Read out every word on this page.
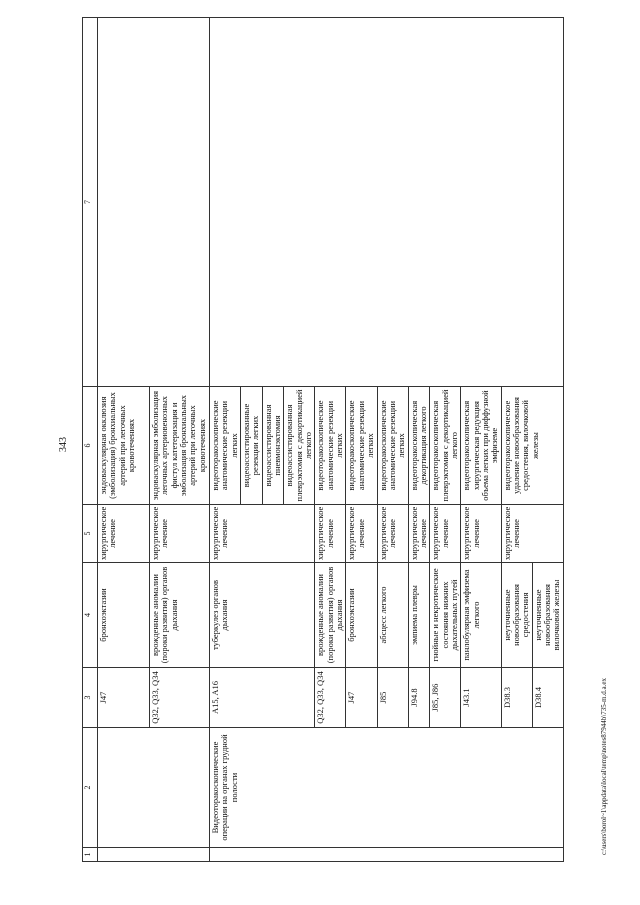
343
1	2	3	4	5	6	7
		J47	бронхоэктазии	хирургическое лечение	эндоваскулярная окклюзия (эмболизация) бронхиальных артерий при легочных кровотечениях	
		Q32, Q33, Q34	врожденные аномалии (пороки развития) органов дыхания	хирургическое лечение	эндоваскулярная эмболизация легочных артериовенозных фистул катетеризация и эмболизация бронхиальных артерий при легочных кровотечениях	

	Видеоторакоскопические операции на органах грудной полости	A15, A16	туберкулез органов дыхания	хирургическое лечение	видеоторакоскопические анатомические резекции легких	
					видеоассистированные резекции легких	
					видеоассистированная пневмонэктомия	
					видеоассистированная плеврэктомия с декортикацией легкого	
		Q32, Q33, Q34	врожденные аномалии (пороки развития) органов дыхания	хирургическое лечение	видеоторакоскопические анатомические резекции легких	
		J47	бронхоэктазии	хирургическое лечение	видеоторакоскопические анатомические резекции легких	
		J85	абсцесс легкого	хирургическое лечение	видеоторакоскопические анатомические резекции легких	
		J94.8	эмпиема плевры	хирургическое лечение	видеоторакоскопическая декортикация легкого	
		J85, J86	гнойные и некротические состояния нижних дыхательных путей	хирургическое лечение	видеоторакоскопическая плеврэктомия с декортикацией легкого	
		J43.1	панлобулярная эмфизема легкого	хирургическое лечение	видеоторакоскопическая хирургическая редукция объема легких при диффузной эмфиземе	
		D38.3	неуточненные новообразования средостения	хирургическое лечение	видеоторакоскопическое удаление новообразования средостения, вилочковой железы	
		D38.4	неуточненные новообразования вилочковой железы			
c:\users\borol~1\appdata\local\temp\notes87944b\735-m.d.a.ex
